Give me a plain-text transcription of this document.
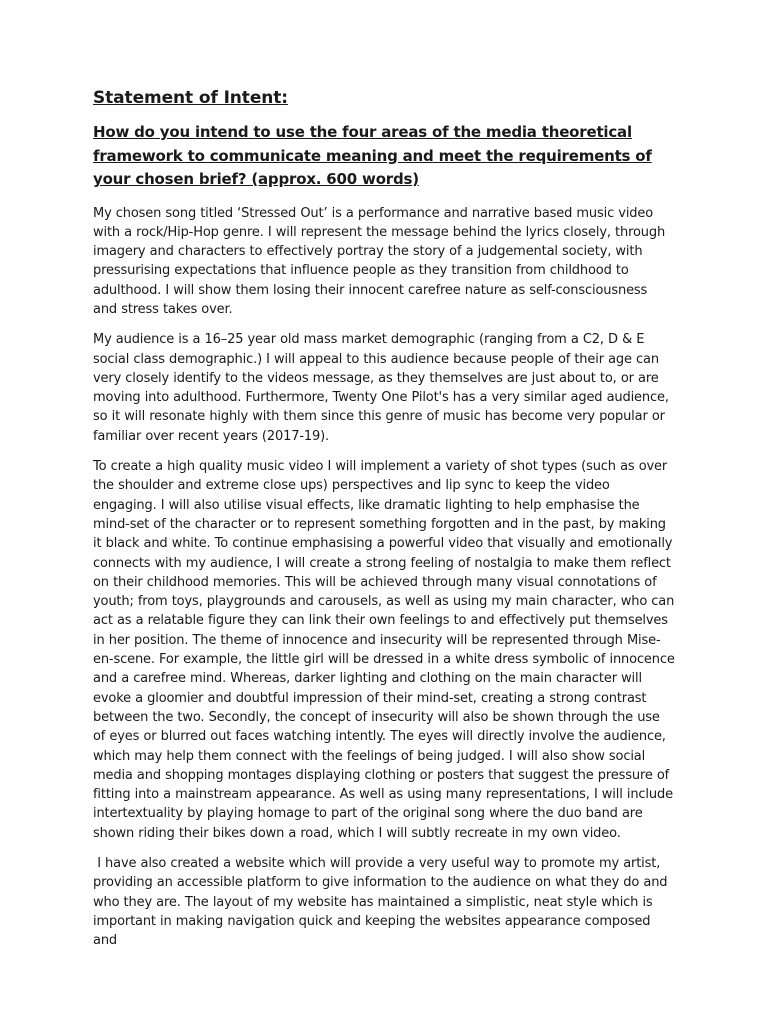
Statement of Intent:
How do you intend to use the four areas of the media theoretical framework to communicate meaning and meet the requirements of your chosen brief? (approx. 600 words)

My chosen song titled ‘Stressed Out’ is a performance and narrative based music video with a rock/Hip-Hop genre. I will represent the message behind the lyrics closely, through imagery and characters to effectively portray the story of a judgemental society, with pressurising expectations that influence people as they transition from childhood to adulthood. I will show them losing their innocent carefree nature as self-consciousness and stress takes over.

My audience is a 16–25 year old mass market demographic (ranging from a C2, D & E social class demographic.) I will appeal to this audience because people of their age can very closely identify to the videos message, as they themselves are just about to, or are moving into adulthood. Furthermore, Twenty One Pilot's has a very similar aged audience, so it will resonate highly with them since this genre of music has become very popular or familiar over recent years (2017-19).

To create a high quality music video I will implement a variety of shot types (such as over the shoulder and extreme close ups) perspectives and lip sync to keep the video engaging. I will also utilise visual effects, like dramatic lighting to help emphasise the mind-set of the character or to represent something forgotten and in the past, by making it black and white. To continue emphasising a powerful video that visually and emotionally connects with my audience, I will create a strong feeling of nostalgia to make them reflect on their childhood memories. This will be achieved through many visual connotations of youth; from toys, playgrounds and carousels, as well as using my main character, who can act as a relatable figure they can link their own feelings to and effectively put themselves in her position. The theme of innocence and insecurity will be represented through Mise-en-scene. For example, the little girl will be dressed in a white dress symbolic of innocence and a carefree mind. Whereas, darker lighting and clothing on the main character will evoke a gloomier and doubtful impression of their mind-set, creating a strong contrast between the two. Secondly, the concept of insecurity will also be shown through the use of eyes or blurred out faces watching intently. The eyes will directly involve the audience, which may help them connect with the feelings of being judged. I will also show social media and shopping montages displaying clothing or posters that suggest the pressure of fitting into a mainstream appearance. As well as using many representations, I will include intertextuality by playing homage to part of the original song where the duo band are shown riding their bikes down a road, which I will subtly recreate in my own video.

I have also created a website which will provide a very useful way to promote my artist, providing an accessible platform to give information to the audience on what they do and who they are. The layout of my website has maintained a simplistic, neat style which is important in making navigation quick and keeping the websites appearance composed and
